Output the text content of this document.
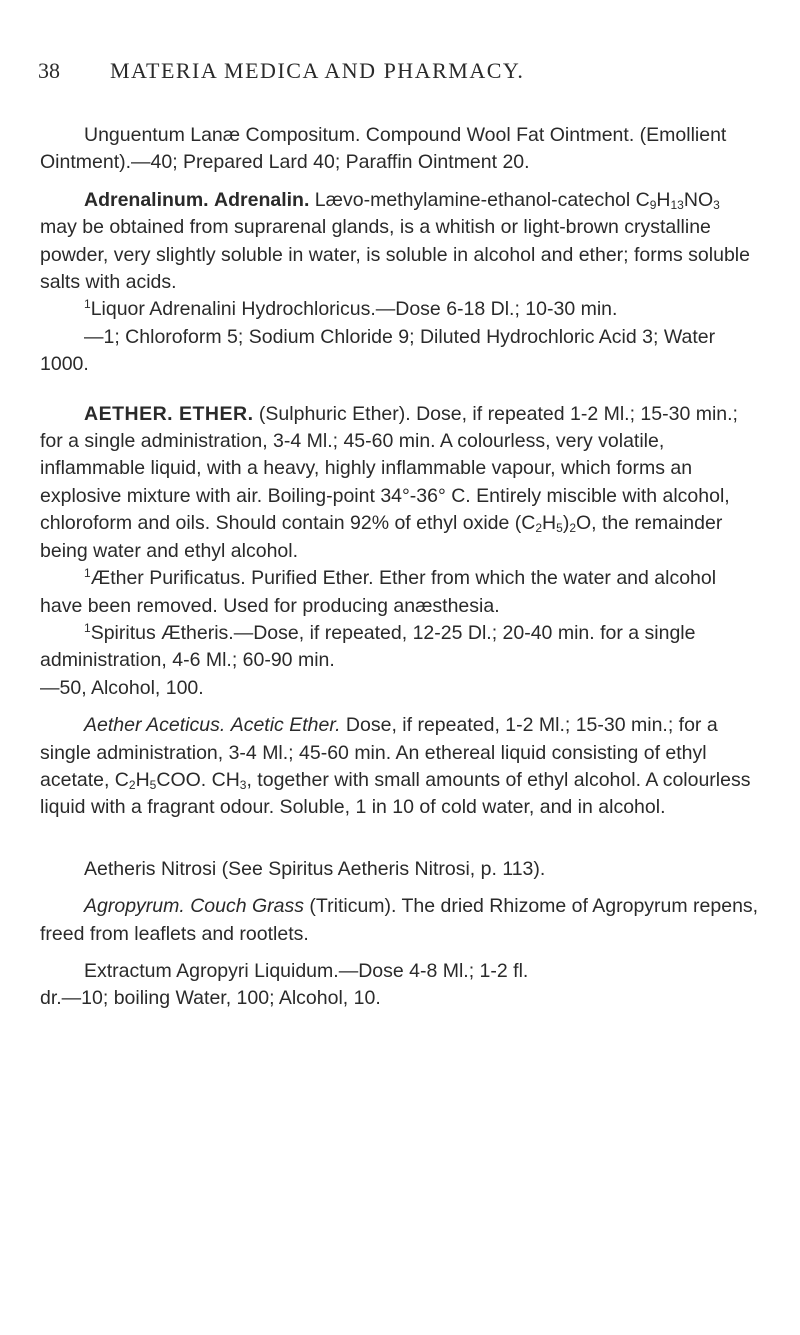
38 MATERIA MEDICA AND PHARMACY.

Unguentum Lanæ Compositum. Compound Wool Fat Ointment. (Emollient Ointment).—40; Prepared Lard 40; Paraffin Ointment 20.

Adrenalinum. Adrenalin. Lævo-methylamine-ethanol-catechol $C_9H_{13}NO_3$ may be obtained from suprarenal glands, is a whitish or light-brown crystalline powder, very slightly soluble in water, is soluble in alcohol and ether; forms soluble salts with acids.

$^1$Liquor Adrenalini Hydrochloricus.—Dose 6-18 Dl.; 10-30 min.

—1; Chloroform 5; Sodium Chloride 9; Diluted Hydrochloric Acid 3; Water 1000.

AETHER. ETHER. (Sulphuric Ether). Dose, if repeated 1-2 Ml.; 15-30 min.; for a single administration, 3-4 Ml.; 45-60 min. A colourless, very volatile, inflammable liquid, with a heavy, highly inflammable vapour, which forms an explosive mixture with air. Boiling-point 34°-36° C. Entirely miscible with alcohol, chloroform and oils. Should contain 92% of ethyl oxide $(C_2H_5)_2O$, the remainder being water and ethyl alcohol.

$^1$Æther Purificatus. Purified Ether. Ether from which the water and alcohol have been removed. Used for producing anæsthesia.

$^1$Spiritus Ætheris.—Dose, if repeated, 12-25 Dl.; 20-40 min. for a single administration, 4-6 Ml.; 60-90 min.

—50, Alcohol, 100.

Aether Aceticus. Acetic Ether. Dose, if repeated, 1-2 Ml.; 15-30 min.; for a single administration, 3-4 Ml.; 45-60 min. An ethereal liquid consisting of ethyl acetate, $C_2H_5COO$. $CH_3$, together with small amounts of ethyl alcohol. A colourless liquid with a fragrant odour. Soluble, 1 in 10 of cold water, and in alcohol.

Aetheris Nitrosi (See Spiritus Aetheris Nitrosi, p. 113).

Agropyrum. Couch Grass (Triticum). The dried Rhizome of Agropyrum repens, freed from leaflets and rootlets.

Extractum Agropyri Liquidum.—Dose 4-8 Ml.; 1-2 fl.

dr.—10; boiling Water, 100; Alcohol, 10.
